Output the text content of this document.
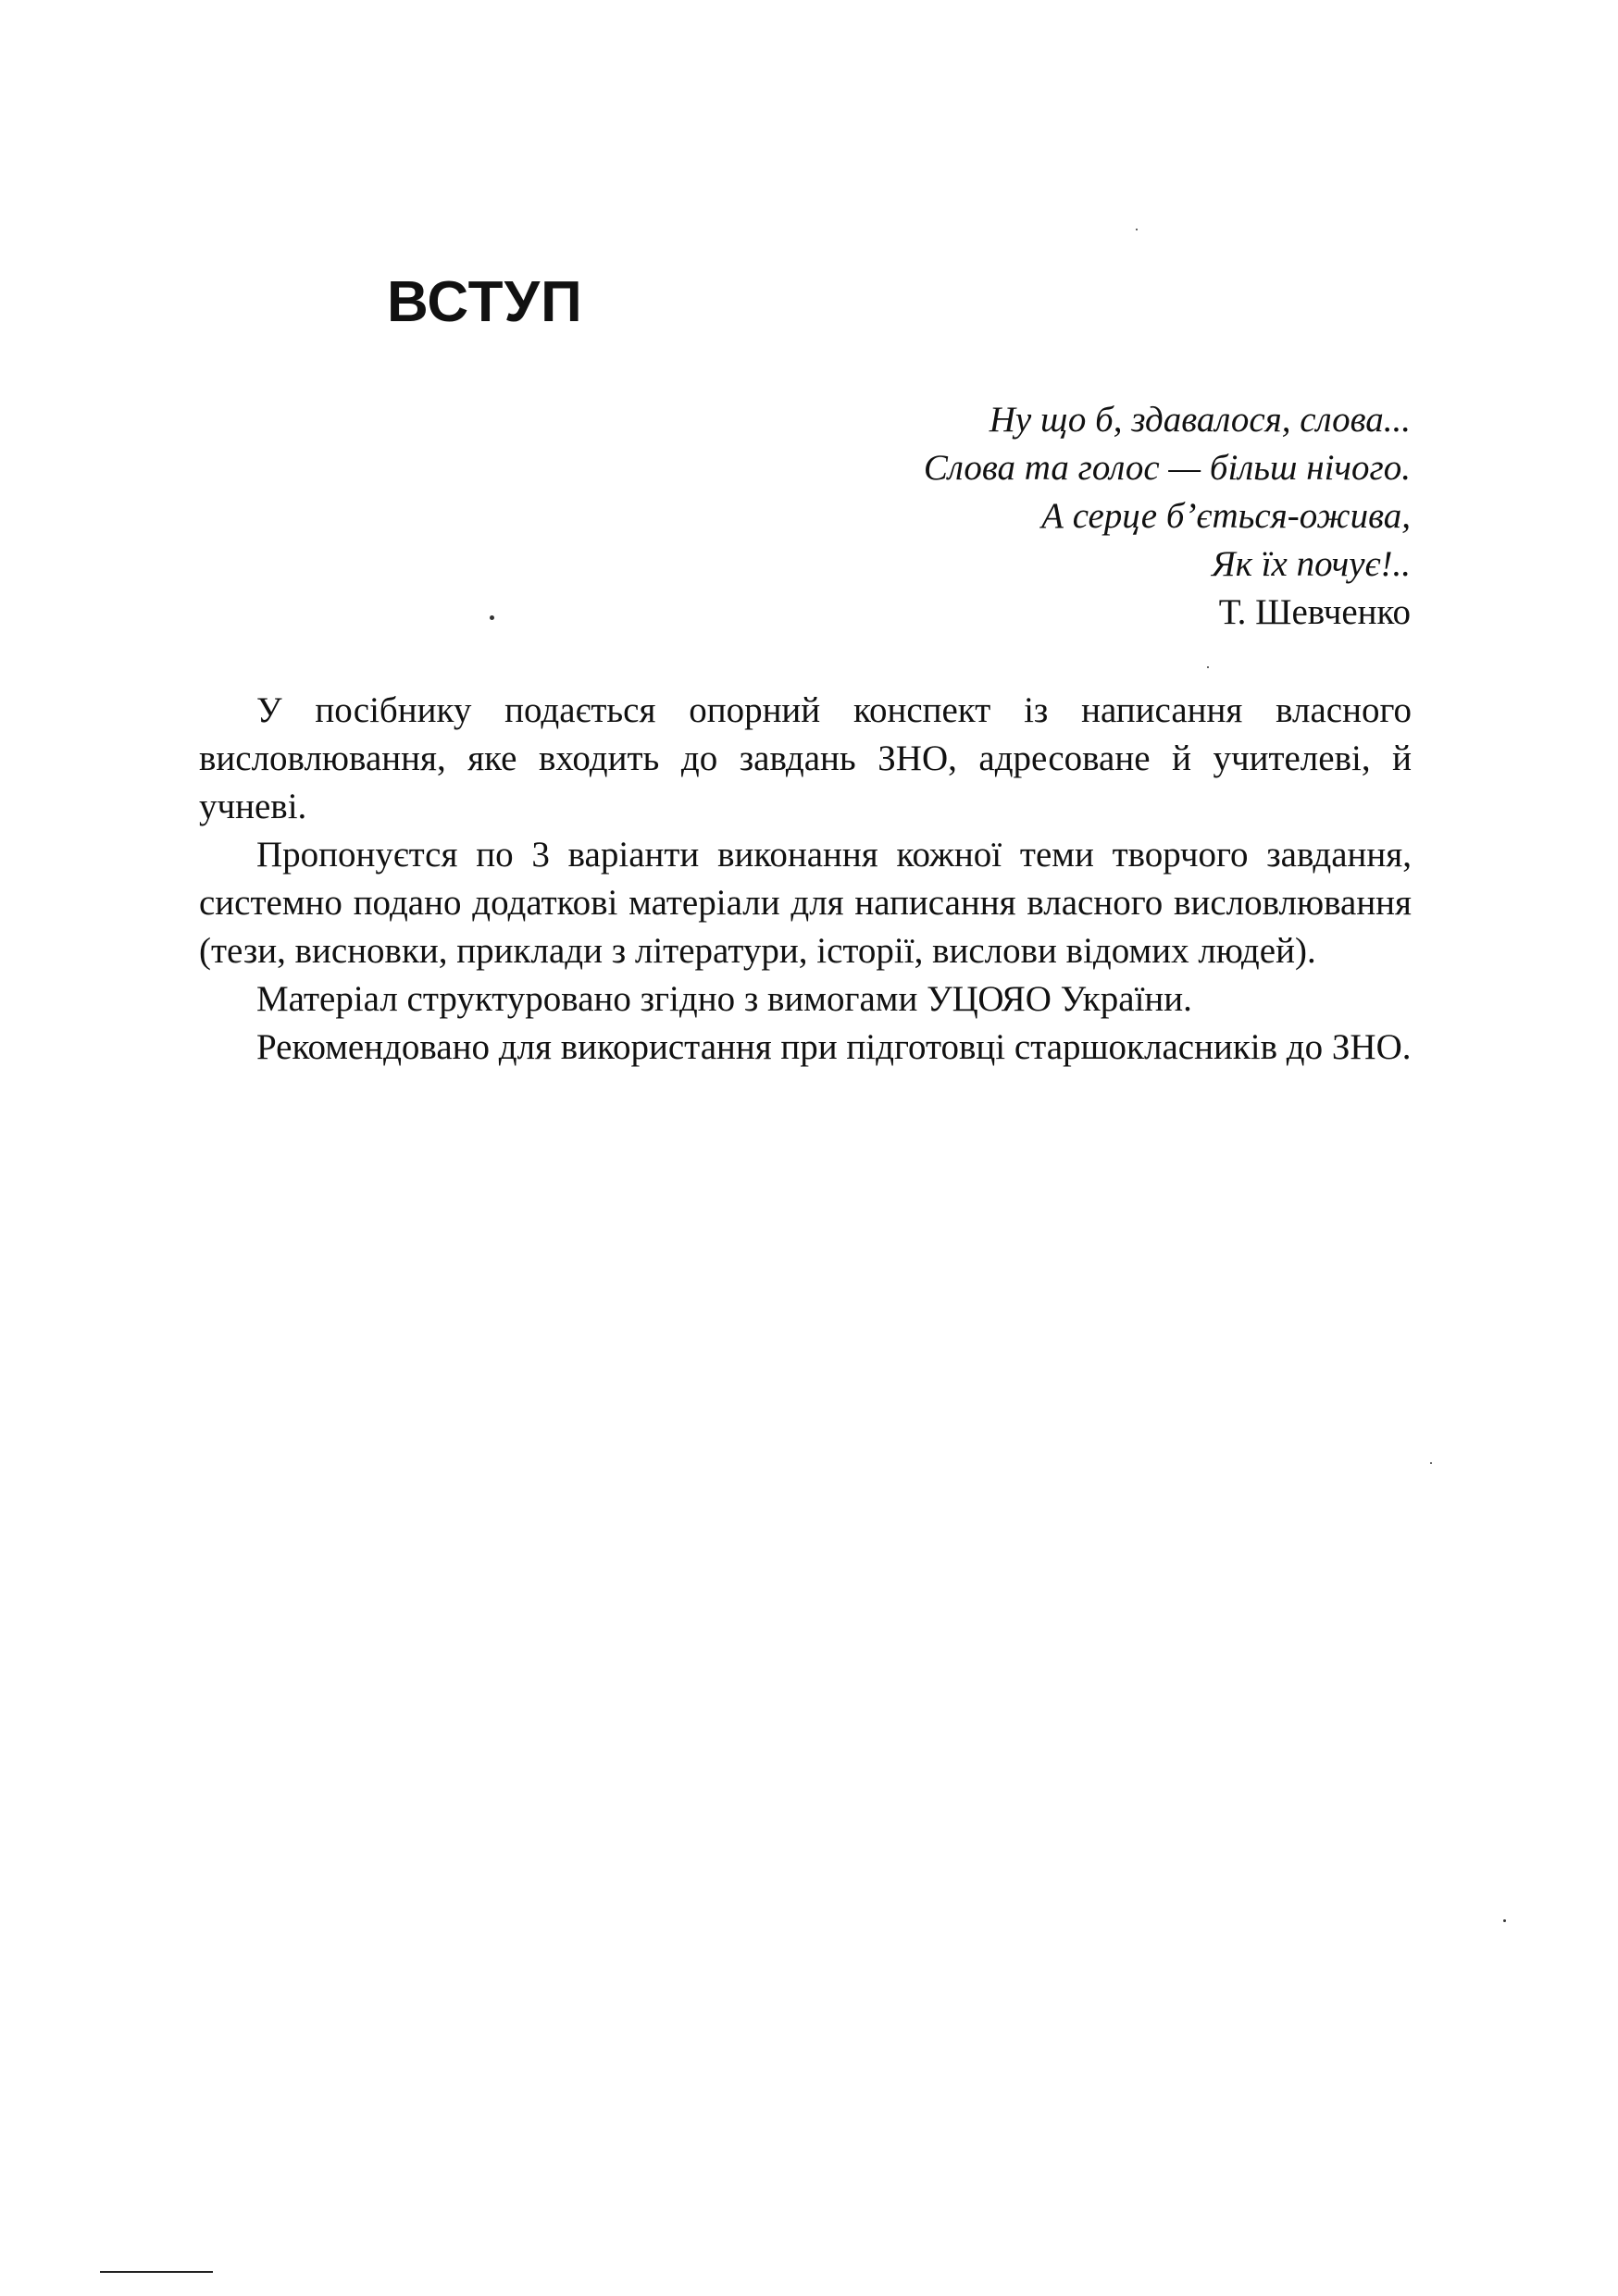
ВСТУП
Ну що б, здавалося, слова...
Слова та голос — більш нічого.
А серце б’ється-ожива,
Як їх почує!..
Т. Шевченко

У посібнику подається опорний конспект із написання власного висловлювання, яке входить до завдань ЗНО, адресоване й учителеві, й учневі.

Пропонуєтся по 3 варіанти виконання кожної теми творчого завдання, системно подано додаткові матеріали для написання власного висловлювання (тези, висновки, приклади з літератури, історії, вислови відомих людей).

Матеріал структуровано згідно з вимогами УЦОЯО України.

Рекомендовано для використання при підготовці старшокласників до ЗНО.
